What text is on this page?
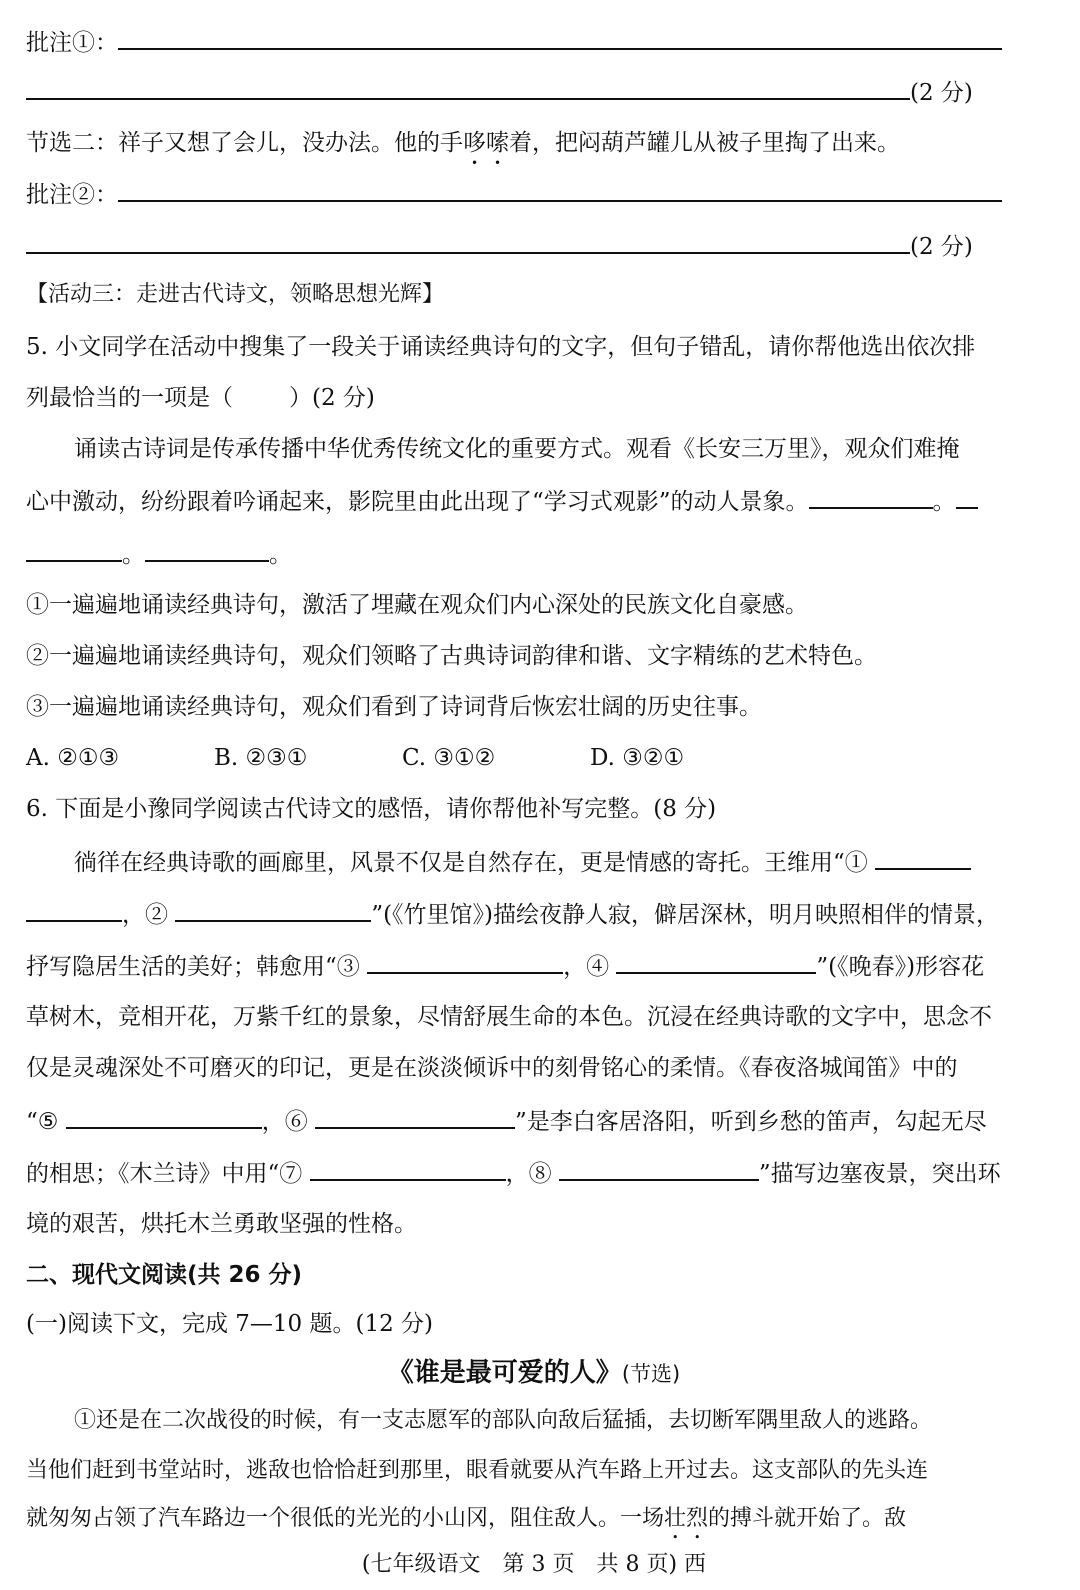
批注①：
(2 分)
节选二：祥子又想了会儿，没办法。他的手哆嗦着，把闷葫芦罐儿从被子里掏了出来。
批注②：
(2 分)
【活动三：走进古代诗文，领略思想光辉】
5. 小文同学在活动中搜集了一段关于诵读经典诗句的文字，但句子错乱，请你帮他选出依次排
列最恰当的一项是（ ）(2 分)
诵读古诗词是传承传播中华优秀传统文化的重要方式。观看《长安三万里》，观众们难掩
心中激动，纷纷跟着吟诵起来，影院里由此出现了“学习式观影”的动人景象。	。
。	。
①一遍遍地诵读经典诗句，激活了埋藏在观众们内心深处的民族文化自豪感。
②一遍遍地诵读经典诗句，观众们领略了古典诗词韵律和谐、文字精练的艺术特色。
③一遍遍地诵读经典诗句，观众们看到了诗词背后恢宏壮阔的历史往事。
A. ②①③	B. ②③①	C. ③①②	D. ③②①
6. 下面是小豫同学阅读古代诗文的感悟，请你帮他补写完整。(8 分)
徜徉在经典诗歌的画廊里，风景不仅是自然存在，更是情感的寄托。王维用“①
，②	”(《竹里馆》)描绘夜静人寂，僻居深林，明月映照相伴的情景，
抒写隐居生活的美好；韩愈用“③	，④	”(《晚春》)形容花
草树木，竞相开花，万紫千红的景象，尽情舒展生命的本色。沉浸在经典诗歌的文字中，思念不
仅是灵魂深处不可磨灭的印记，更是在淡淡倾诉中的刻骨铭心的柔情。《春夜洛城闻笛》中的
“⑤	，⑥	”是李白客居洛阳，听到乡愁的笛声，勾起无尽
的相思；《木兰诗》中用“⑦	，⑧	”描写边塞夜景，突出环
境的艰苦，烘托木兰勇敢坚强的性格。
二、现代文阅读(共 26 分)
(一)阅读下文，完成 7—10 题。(12 分)
《谁是最可爱的人》(节选)
①还是在二次战役的时候，有一支志愿军的部队向敌后猛插，去切断军隅里敌人的逃路。
当他们赶到书堂站时，逃敌也恰恰赶到那里，眼看就要从汽车路上开过去。这支部队的先头连
就匆匆占领了汽车路边一个很低的光光的小山冈，阻住敌人。一场壮烈的搏斗就开始了。敌
(七年级语文　第 3 页　共 8 页) 西
